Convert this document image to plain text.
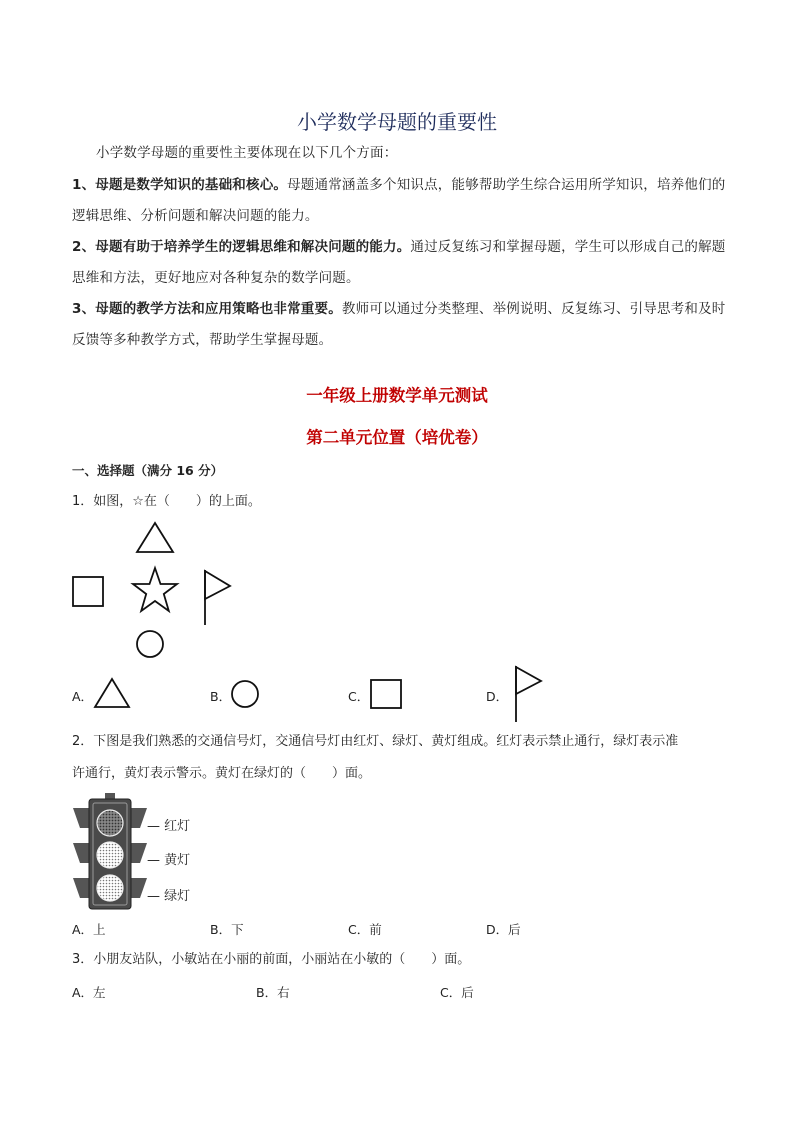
小学数学母题的重要性
小学数学母题的重要性主要体现在以下几个方面：
1、母题是数学知识的基础和核心。母题通常涵盖多个知识点，能够帮助学生综合运用所学知识，培养他们的逻辑思维、分析问题和解决问题的能力。
2、母题有助于培养学生的逻辑思维和解决问题的能力。通过反复练习和掌握母题，学生可以形成自己的解题思维和方法，更好地应对各种复杂的数学问题。
3、母题的教学方法和应用策略也非常重要。教师可以通过分类整理、举例说明、反复练习、引导思考和及时反馈等多种教学方式，帮助学生掌握母题。
一年级上册数学单元测试
第二单元位置（培优卷）
一、选择题（满分 16 分）
1．如图，☆在（　　）的上面。
A．	B．	C．	D．
2．下图是我们熟悉的交通信号灯，交通信号灯由红灯、绿灯、黄灯组成。红灯表示禁止通行，绿灯表示准
许通行，黄灯表示警示。黄灯在绿灯的（　　）面。
— 红灯
— 黄灯
— 绿灯
A．上	B．下	C．前	D．后
3．小朋友站队，小敏站在小丽的前面，小丽站在小敏的（　　）面。
A．左	B．右	C．后
